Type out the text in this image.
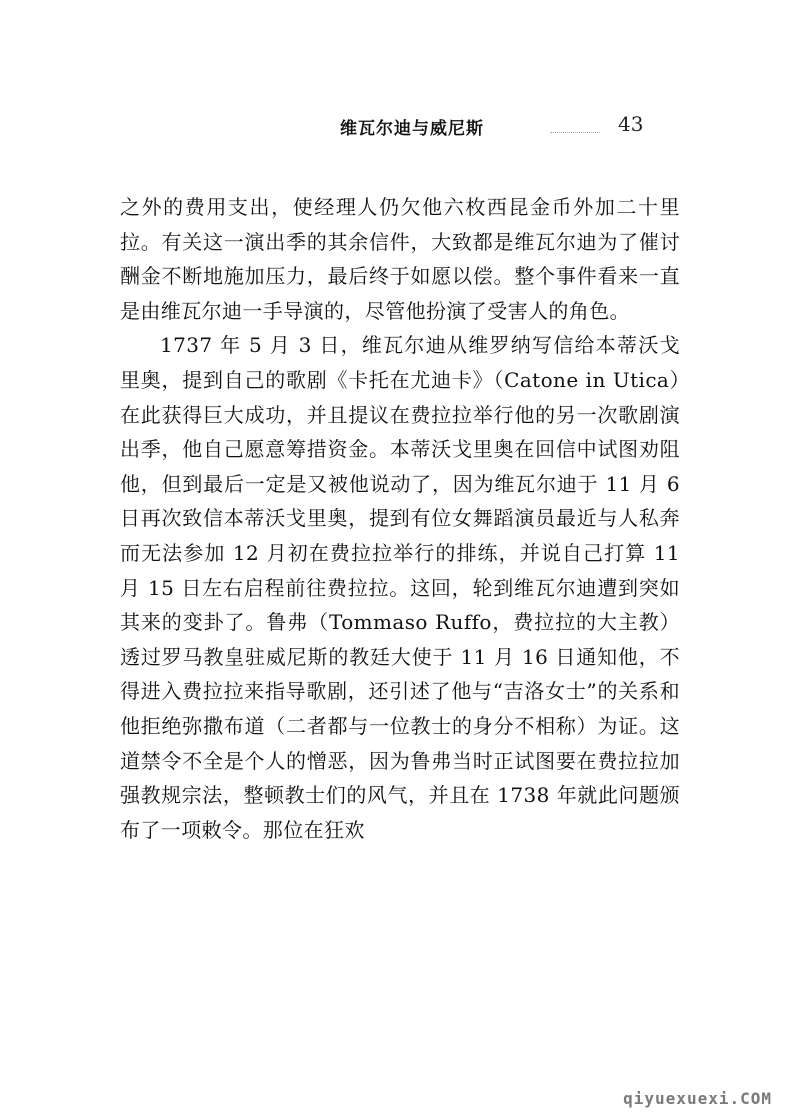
维瓦尔迪与威尼斯	43

之外的费用支出，使经理人仍欠他六枚西昆金币外加二十里拉。有关这一演出季的其余信件，大致都是维瓦尔迪为了催讨酬金不断地施加压力，最后终于如愿以偿。整个事件看来一直是由维瓦尔迪一手导演的，尽管他扮演了受害人的角色。

1737 年 5 月 3 日，维瓦尔迪从维罗纳写信给本蒂沃戈里奥，提到自己的歌剧《卡托在尤迪卡》（Catone in Utica）在此获得巨大成功，并且提议在费拉拉举行他的另一次歌剧演出季，他自己愿意筹措资金。本蒂沃戈里奥在回信中试图劝阻他，但到最后一定是又被他说动了，因为维瓦尔迪于 11 月 6 日再次致信本蒂沃戈里奥，提到有位女舞蹈演员最近与人私奔而无法参加 12 月初在费拉拉举行的排练，并说自己打算 11 月 15 日左右启程前往费拉拉。这回，轮到维瓦尔迪遭到突如其来的变卦了。鲁弗（Tommaso Ruffo，费拉拉的大主教）透过罗马教皇驻威尼斯的教廷大使于 11 月 16 日通知他，不得进入费拉拉来指导歌剧，还引述了他与“吉洛女士”的关系和他拒绝弥撒布道（二者都与一位教士的身分不相称）为证。这道禁令不全是个人的憎恶，因为鲁弗当时正试图要在费拉拉加强教规宗法，整顿教士们的风气，并且在 1738 年就此问题颁布了一项敕令。那位在狂欢

qiyuexuexi.COM
